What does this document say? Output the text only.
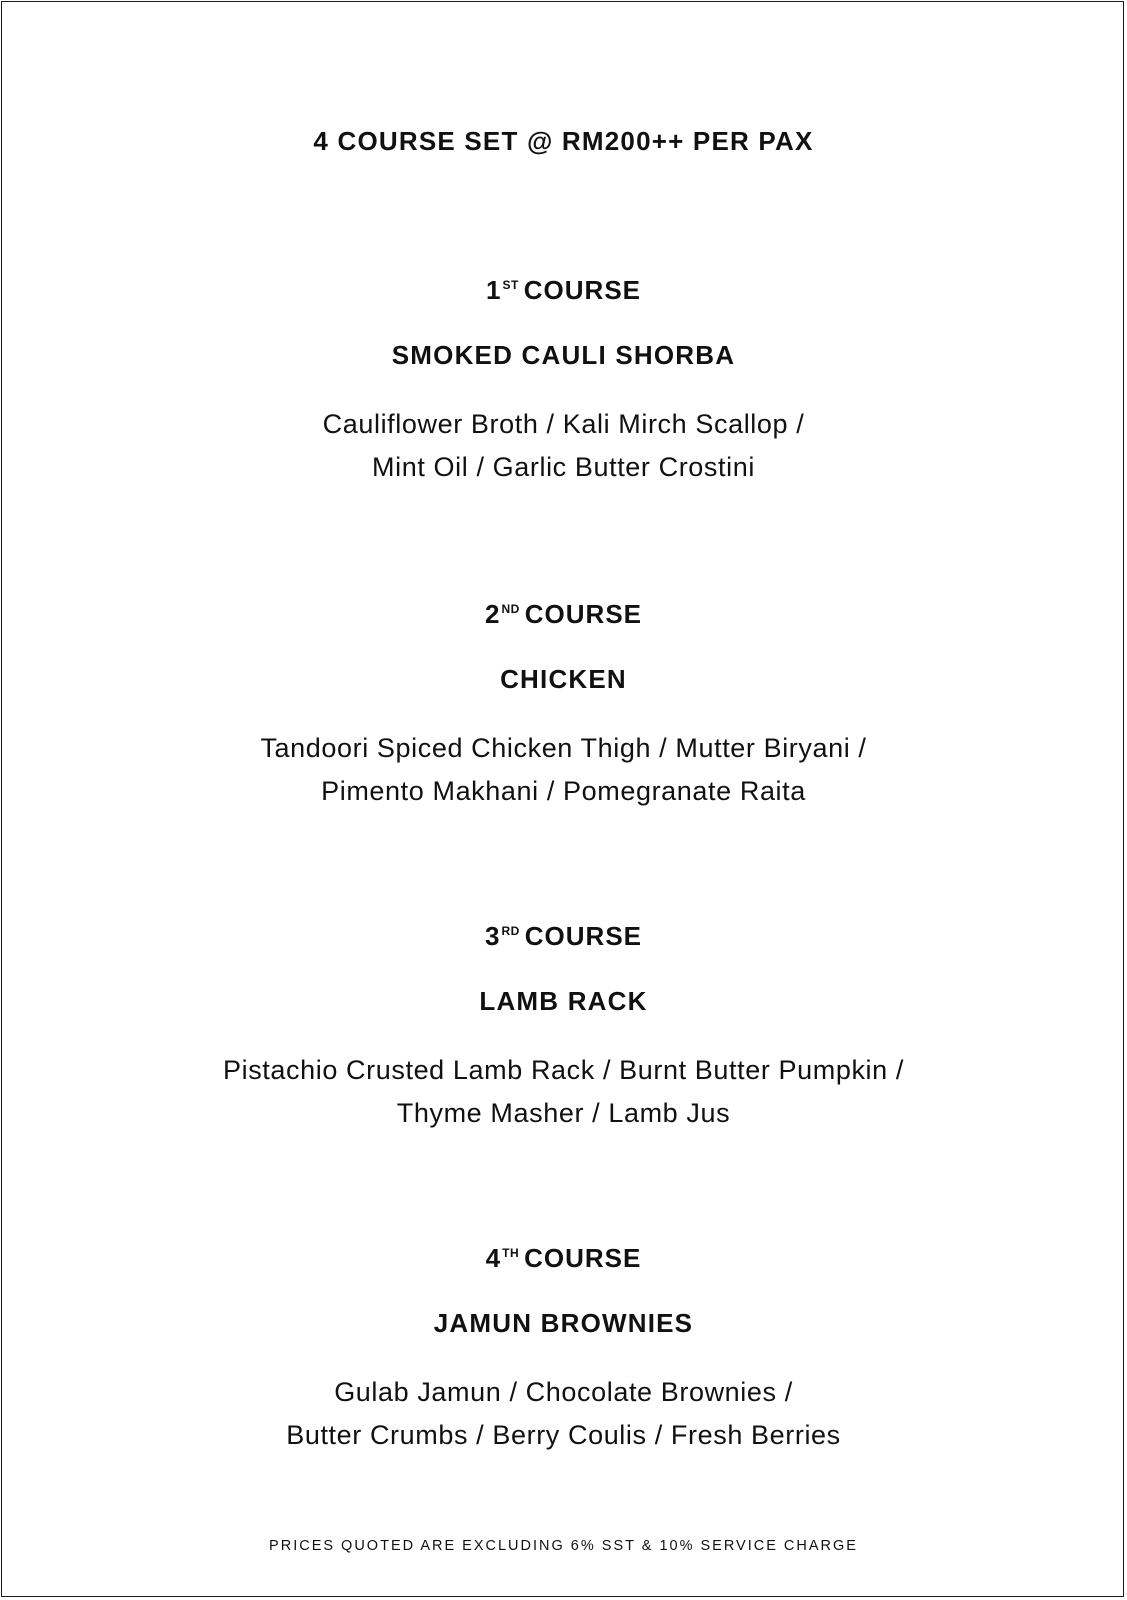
4 COURSE SET @ RM200++ PER PAX
1ST COURSE
SMOKED CAULI SHORBA
Cauliflower Broth / Kali Mirch Scallop /
Mint Oil / Garlic Butter Crostini
2ND COURSE
CHICKEN
Tandoori Spiced Chicken Thigh / Mutter Biryani /
Pimento Makhani / Pomegranate Raita
3RD COURSE
LAMB RACK
Pistachio Crusted Lamb Rack / Burnt Butter Pumpkin /
Thyme Masher / Lamb Jus
4TH COURSE
JAMUN BROWNIES
Gulab Jamun / Chocolate Brownies /
Butter Crumbs / Berry Coulis / Fresh Berries
PRICES QUOTED ARE EXCLUDING 6% SST & 10% SERVICE CHARGE
